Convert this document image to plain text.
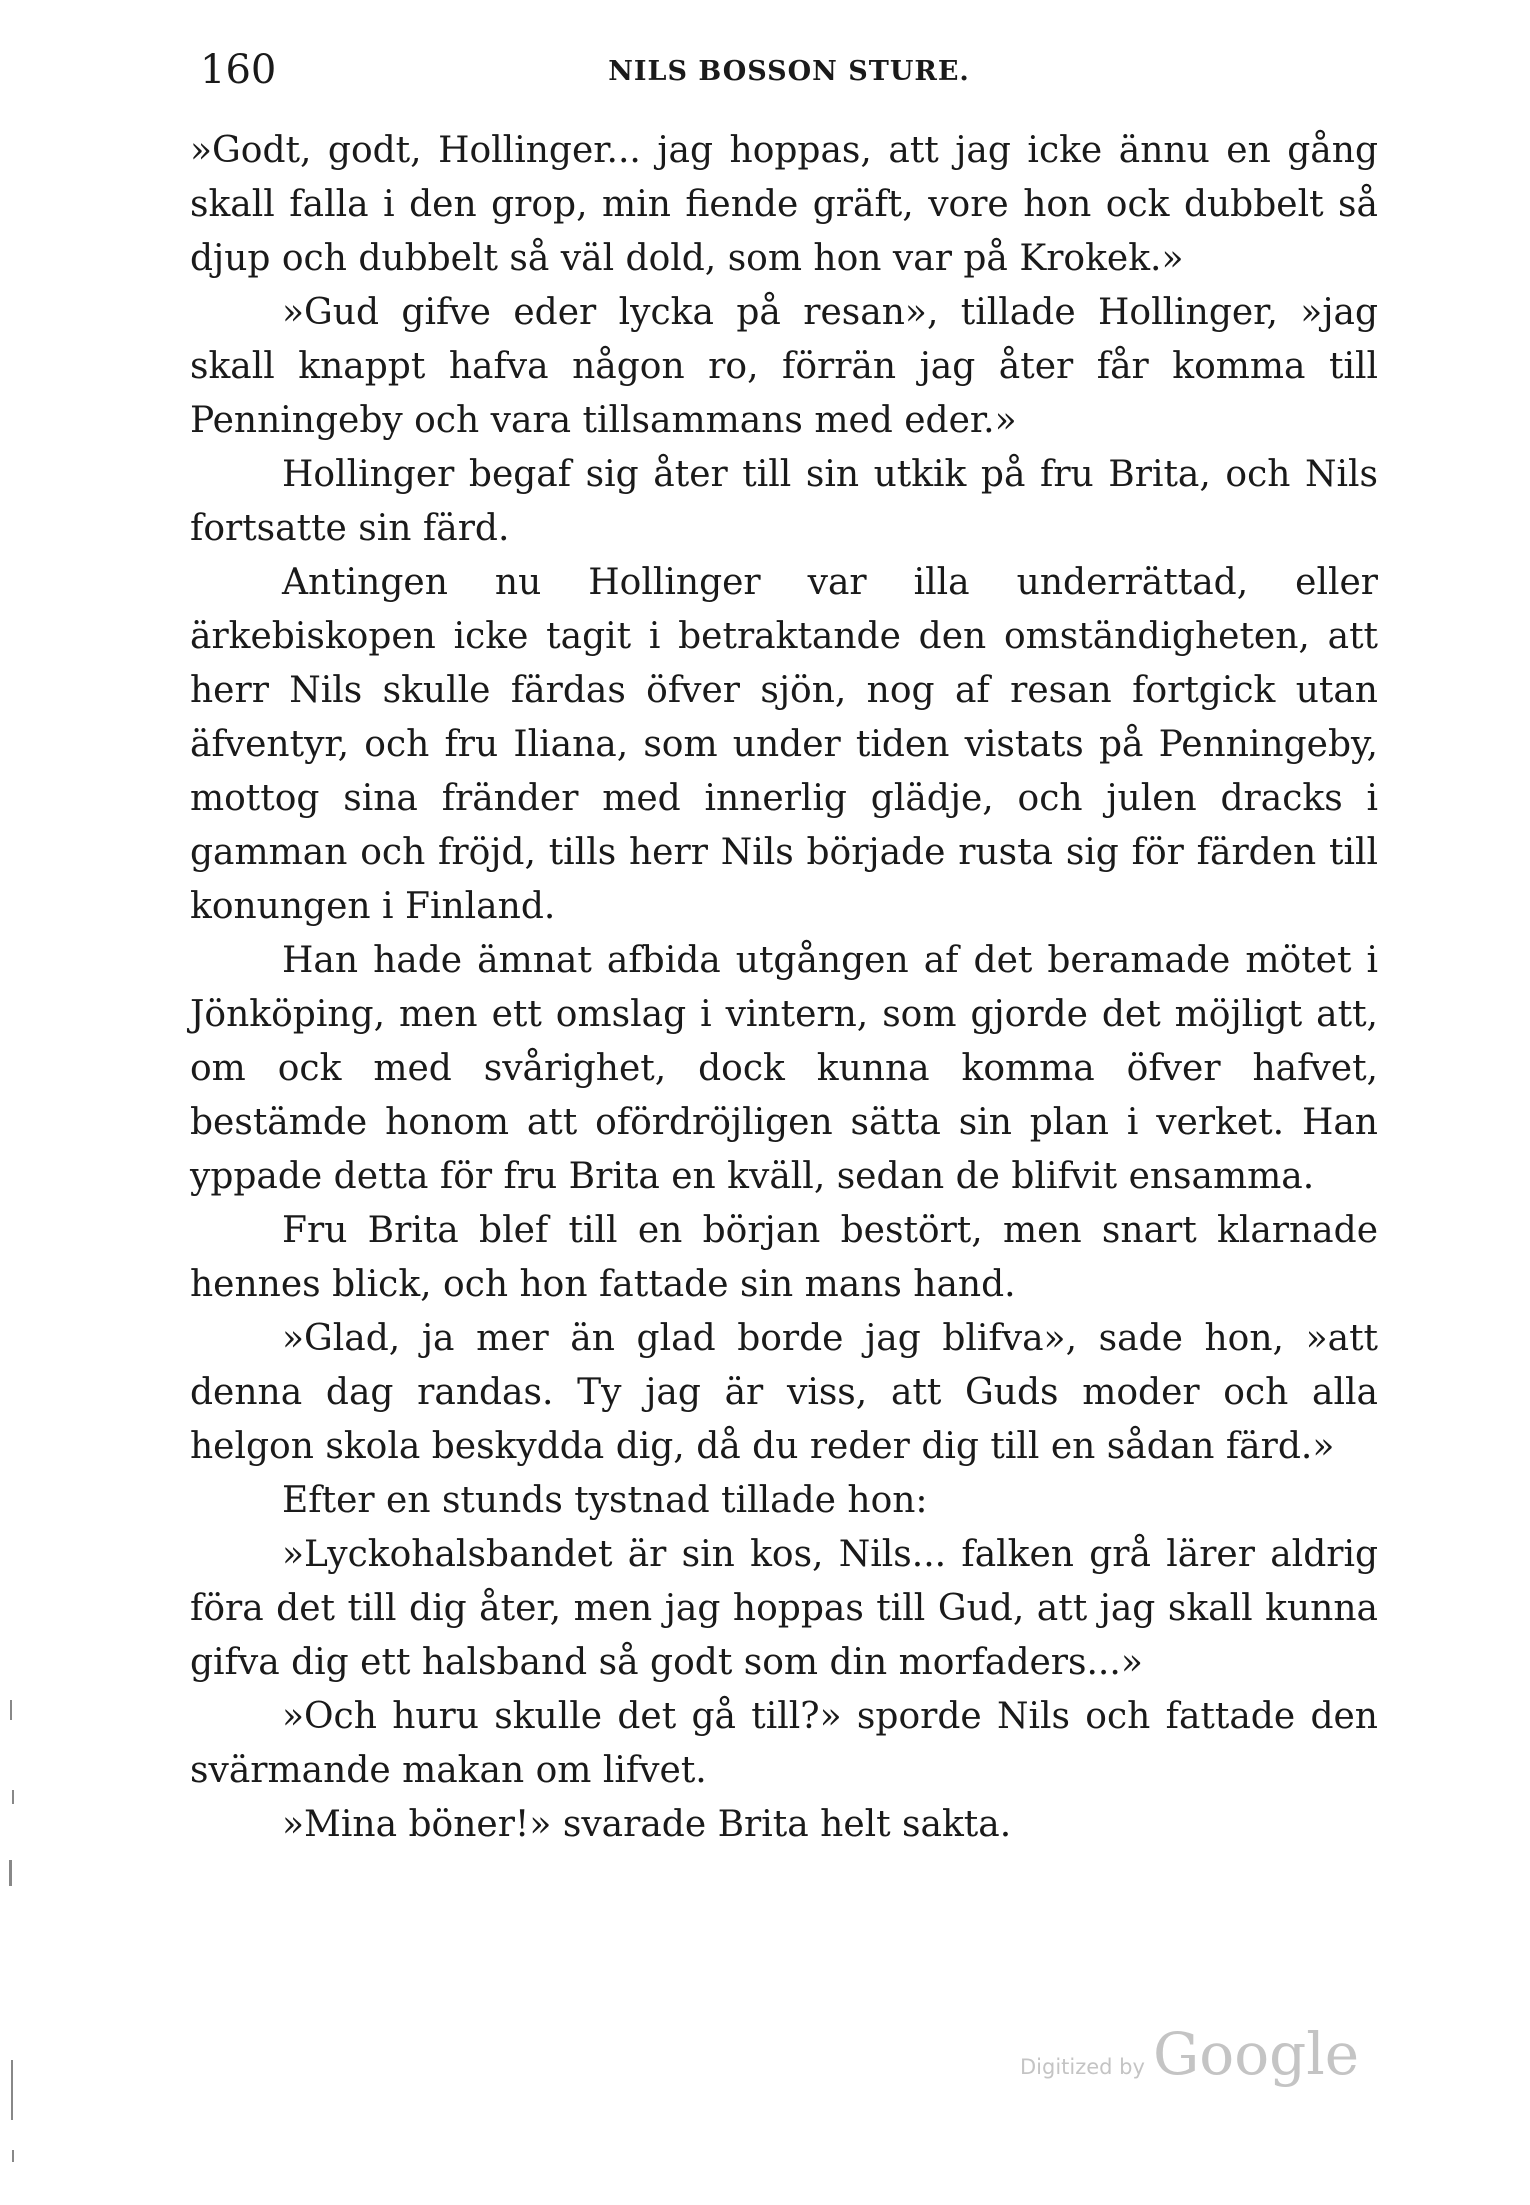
160	NILS BOSSON STURE.

»Godt, godt, Hollinger... jag hoppas, att jag icke ännu en gång skall falla i den grop, min fiende gräft, vore hon ock dubbelt så djup och dubbelt så väl dold, som hon var på Krokek.»

»Gud gifve eder lycka på resan», tillade Hollinger, »jag skall knappt hafva någon ro, förrän jag åter får komma till Penningeby och vara tillsammans med eder.»

Hollinger begaf sig åter till sin utkik på fru Brita, och Nils fortsatte sin färd.

Antingen nu Hollinger var illa underrättad, eller ärkebiskopen icke tagit i betraktande den omständigheten, att herr Nils skulle färdas öfver sjön, nog af resan fortgick utan äfventyr, och fru Iliana, som under tiden vistats på Penningeby, mottog sina fränder med innerlig glädje, och julen dracks i gamman och fröjd, tills herr Nils började rusta sig för färden till konungen i Finland.

Han hade ämnat afbida utgången af det beramade mötet i Jönköping, men ett omslag i vintern, som gjorde det möjligt att, om ock med svårighet, dock kunna komma öfver hafvet, bestämde honom att ofördröjligen sätta sin plan i verket. Han yppade detta för fru Brita en kväll, sedan de blifvit ensamma.

Fru Brita blef till en början bestört, men snart klarnade hennes blick, och hon fattade sin mans hand.

»Glad, ja mer än glad borde jag blifva», sade hon, »att denna dag randas. Ty jag är viss, att Guds moder och alla helgon skola beskydda dig, då du reder dig till en sådan färd.»

Efter en stunds tystnad tillade hon:

»Lyckohalsbandet är sin kos, Nils... falken grå lärer aldrig föra det till dig åter, men jag hoppas till Gud, att jag skall kunna gifva dig ett halsband så godt som din morfaders...»

»Och huru skulle det gå till?» sporde Nils och fattade den svärmande makan om lifvet.

»Mina böner!» svarade Brita helt sakta.

Digitized by Google
